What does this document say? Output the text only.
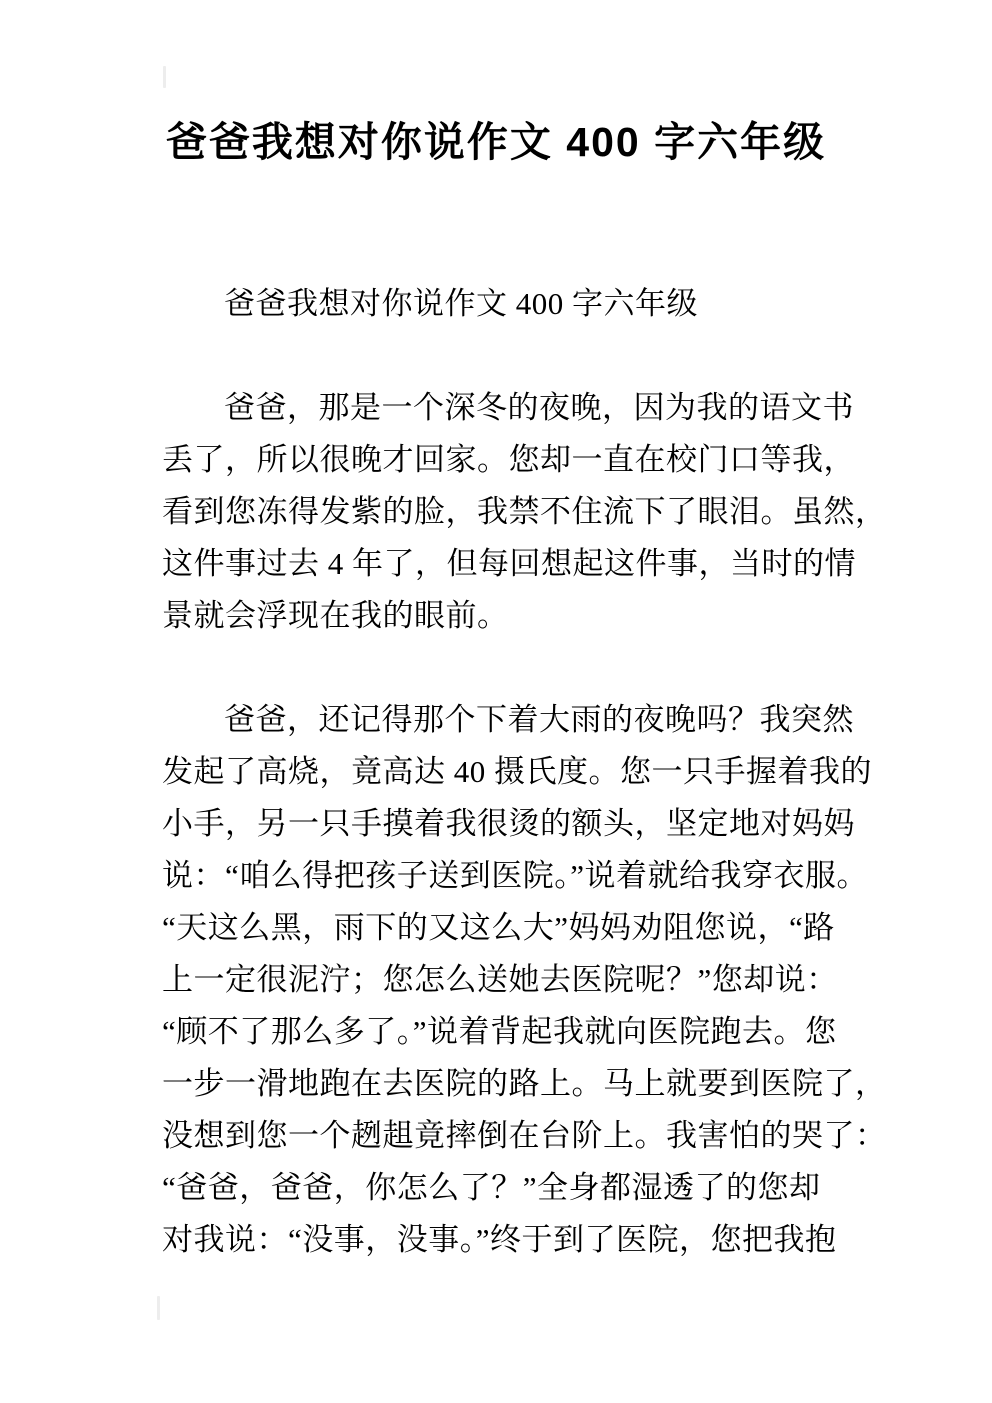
爸爸我想对你说作文 400 字六年级
爸爸我想对你说作文 400 字六年级
爸爸，那是一个深冬的夜晚，因为我的语文书
丢了，所以很晚才回家。您却一直在校门口等我，
看到您冻得发紫的脸，我禁不住流下了眼泪。虽然，
这件事过去 4 年了，但每回想起这件事，当时的情
景就会浮现在我的眼前。
爸爸，还记得那个下着大雨的夜晚吗？我突然
发起了高烧，竟高达 40 摄氏度。您一只手握着我的
小手，另一只手摸着我很烫的额头，坚定地对妈妈
说：“咱么得把孩子送到医院。”说着就给我穿衣服。
“天这么黑，雨下的又这么大”妈妈劝阻您说，“路
上一定很泥泞；您怎么送她去医院呢？”您却说：
“顾不了那么多了。”说着背起我就向医院跑去。您
一步一滑地跑在去医院的路上。马上就要到医院了，
没想到您一个趔趄竟摔倒在台阶上。我害怕的哭了：
“爸爸，爸爸，你怎么了？”全身都湿透了的您却
对我说：“没事，没事。”终于到了医院，您把我抱
